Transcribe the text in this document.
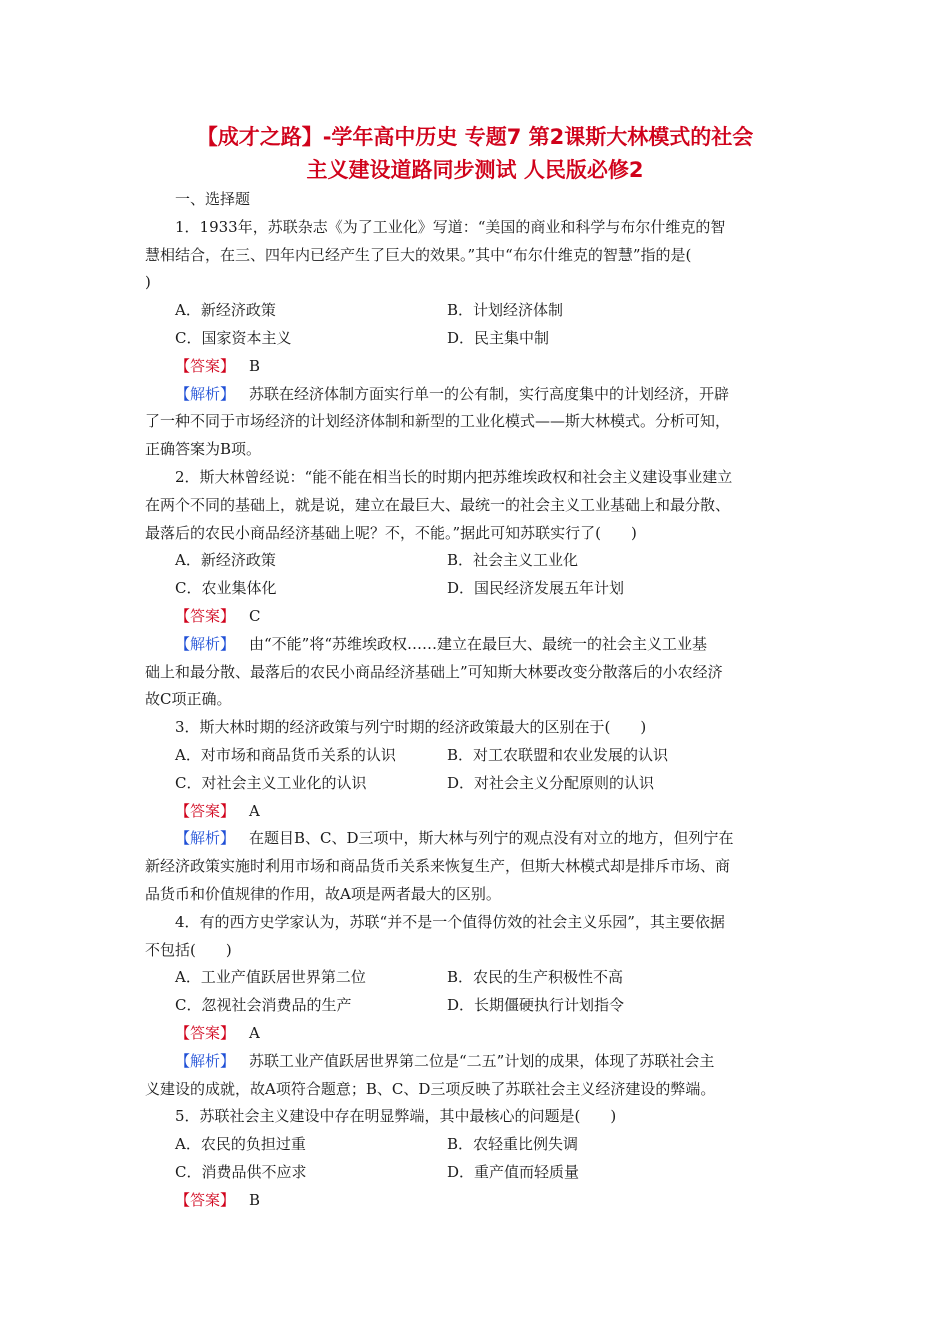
【成才之路】-学年高中历史 专题7 第2课斯大林模式的社会
主义建设道路同步测试 人民版必修2
一、选择题
1．1933年，苏联杂志《为了工业化》写道：“美国的商业和科学与布尔什维克的智
慧相结合，在三、四年内已经产生了巨大的效果。”其中“布尔什维克的智慧”指的是(
)
A．新经济政策	B．计划经济体制
C．国家资本主义	D．民主集中制
【答案】 B
【解析】 苏联在经济体制方面实行单一的公有制，实行高度集中的计划经济，开辟
了一种不同于市场经济的计划经济体制和新型的工业化模式——斯大林模式。分析可知，
正确答案为B项。
2．斯大林曾经说：“能不能在相当长的时期内把苏维埃政权和社会主义建设事业建立
在两个不同的基础上，就是说，建立在最巨大、最统一的社会主义工业基础上和最分散、
最落后的农民小商品经济基础上呢？不，不能。”据此可知苏联实行了(　　)
A．新经济政策	B．社会主义工业化
C．农业集体化	D．国民经济发展五年计划
【答案】 C
【解析】 由“不能”将“苏维埃政权……建立在最巨大、最统一的社会主义工业基
础上和最分散、最落后的农民小商品经济基础上”可知斯大林要改变分散落后的小农经济
故C项正确。
3．斯大林时期的经济政策与列宁时期的经济政策最大的区别在于(　　)
A．对市场和商品货币关系的认识	B．对工农联盟和农业发展的认识
C．对社会主义工业化的认识	D．对社会主义分配原则的认识
【答案】 A
【解析】 在题目B、C、D三项中，斯大林与列宁的观点没有对立的地方，但列宁在
新经济政策实施时利用市场和商品货币关系来恢复生产，但斯大林模式却是排斥市场、商
品货币和价值规律的作用，故A项是两者最大的区别。
4．有的西方史学家认为，苏联“并不是一个值得仿效的社会主义乐园”，其主要依据
不包括(　　)
A．工业产值跃居世界第二位	B．农民的生产积极性不高
C．忽视社会消费品的生产	D．长期僵硬执行计划指令
【答案】 A
【解析】 苏联工业产值跃居世界第二位是“二五”计划的成果，体现了苏联社会主
义建设的成就，故A项符合题意；B、C、D三项反映了苏联社会主义经济建设的弊端。
5．苏联社会主义建设中存在明显弊端，其中最核心的问题是(　　)
A．农民的负担过重	B．农轻重比例失调
C．消费品供不应求	D．重产值而轻质量
【答案】 B
